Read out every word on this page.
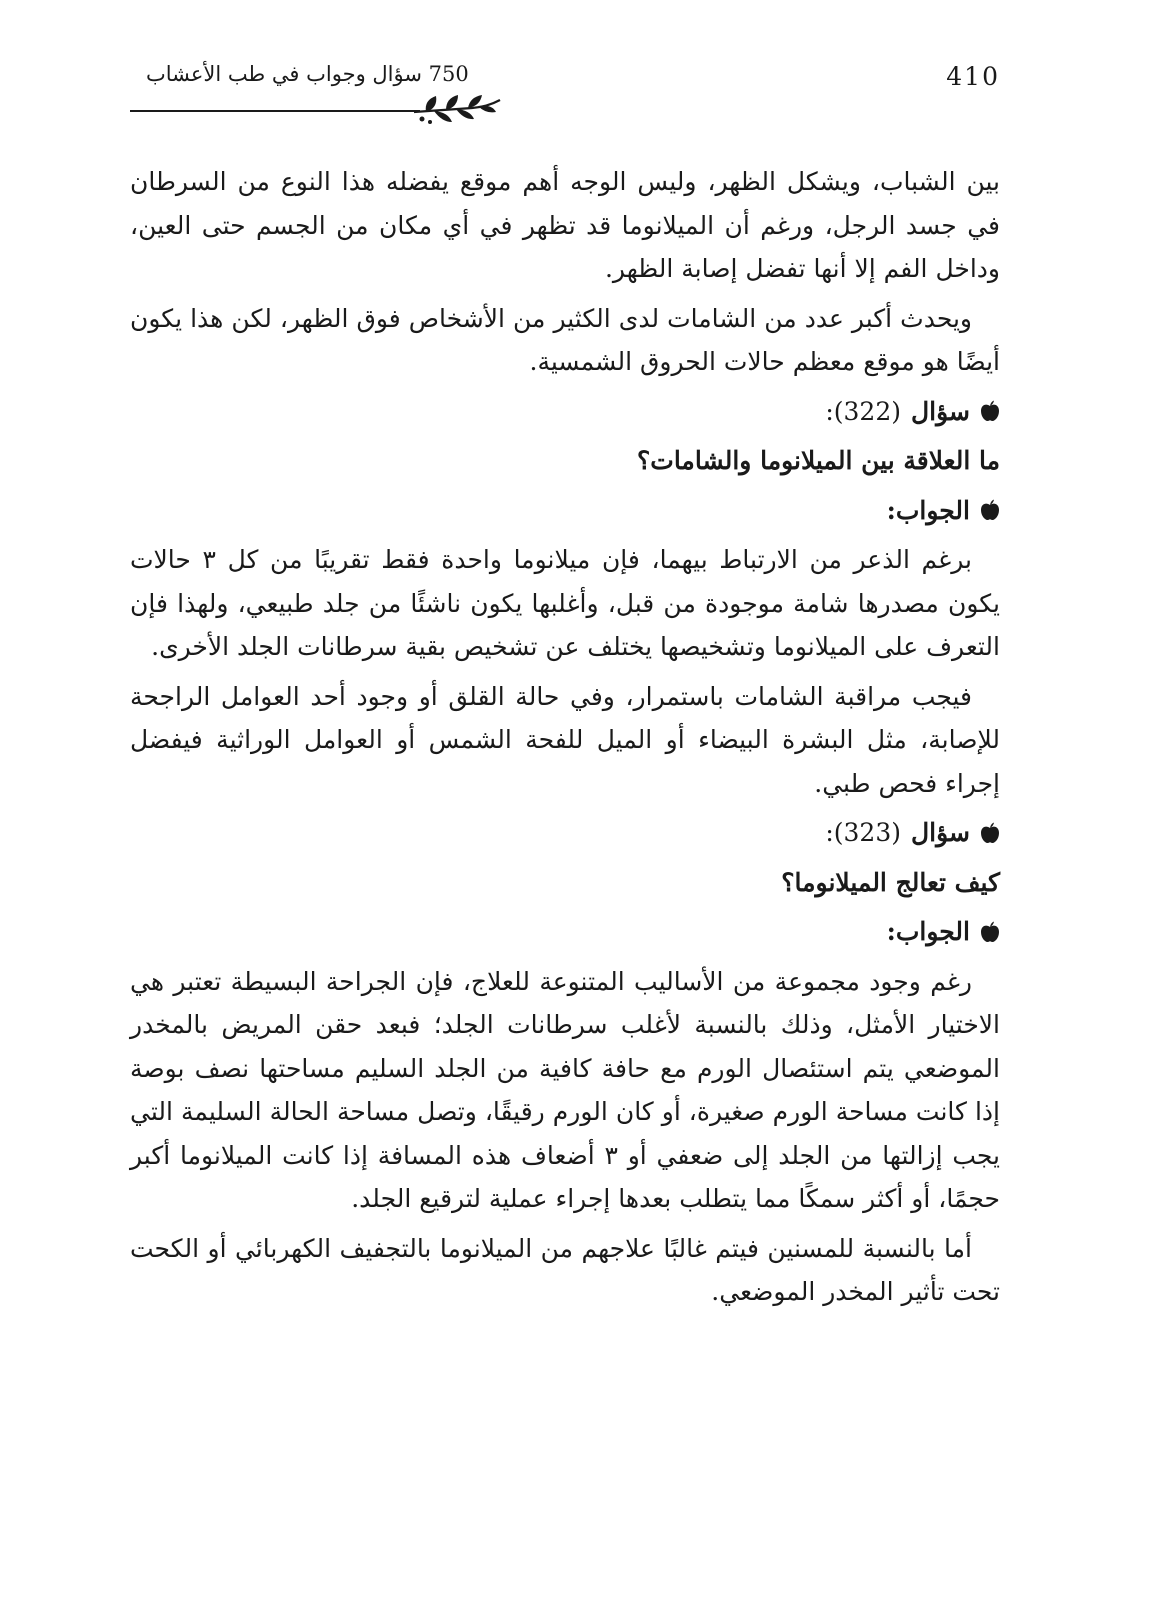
410
750 سؤال وجواب في طب الأعشاب

بين الشباب، ويشكل الظهر، وليس الوجه أهم موقع يفضله هذا النوع من السرطان في جسد الرجل، ورغم أن الميلانوما قد تظهر في أي مكان من الجسم حتى العين، وداخل الفم إلا أنها تفضل إصابة الظهر.

ويحدث أكبر عدد من الشامات لدى الكثير من الأشخاص فوق الظهر، لكن هذا يكون أيضًا هو موقع معظم حالات الحروق الشمسية.

سؤال
(322):

ما العلاقة بين الميلانوما والشامات؟

الجواب:

برغم الذعر من الارتباط بيهما، فإن ميلانوما واحدة فقط تقريبًا من كل ٣ حالات يكون مصدرها شامة موجودة من قبل، وأغلبها يكون ناشئًا من جلد طبيعي، ولهذا فإن التعرف على الميلانوما وتشخيصها يختلف عن تشخيص بقية سرطانات الجلد الأخرى.

فيجب مراقبة الشامات باستمرار، وفي حالة القلق أو وجود أحد العوامل الراجحة للإصابة، مثل البشرة البيضاء أو الميل للفحة الشمس أو العوامل الوراثية فيفضل إجراء فحص طبي.

سؤال
(323):

كيف تعالج الميلانوما؟

الجواب:

رغم وجود مجموعة من الأساليب المتنوعة للعلاج، فإن الجراحة البسيطة تعتبر هي الاختيار الأمثل، وذلك بالنسبة لأغلب سرطانات الجلد؛ فبعد حقن المريض بالمخدر الموضعي يتم استئصال الورم مع حافة كافية من الجلد السليم مساحتها نصف بوصة إذا كانت مساحة الورم صغيرة، أو كان الورم رقيقًا، وتصل مساحة الحالة السليمة التي يجب إزالتها من الجلد إلى ضعفي أو ٣ أضعاف هذه المسافة إذا كانت الميلانوما أكبر حجمًا، أو أكثر سمكًا مما يتطلب بعدها إجراء عملية لترقيع الجلد.

أما بالنسبة للمسنين فيتم غالبًا علاجهم من الميلانوما بالتجفيف الكهربائي أو الكحت تحت تأثير المخدر الموضعي.
